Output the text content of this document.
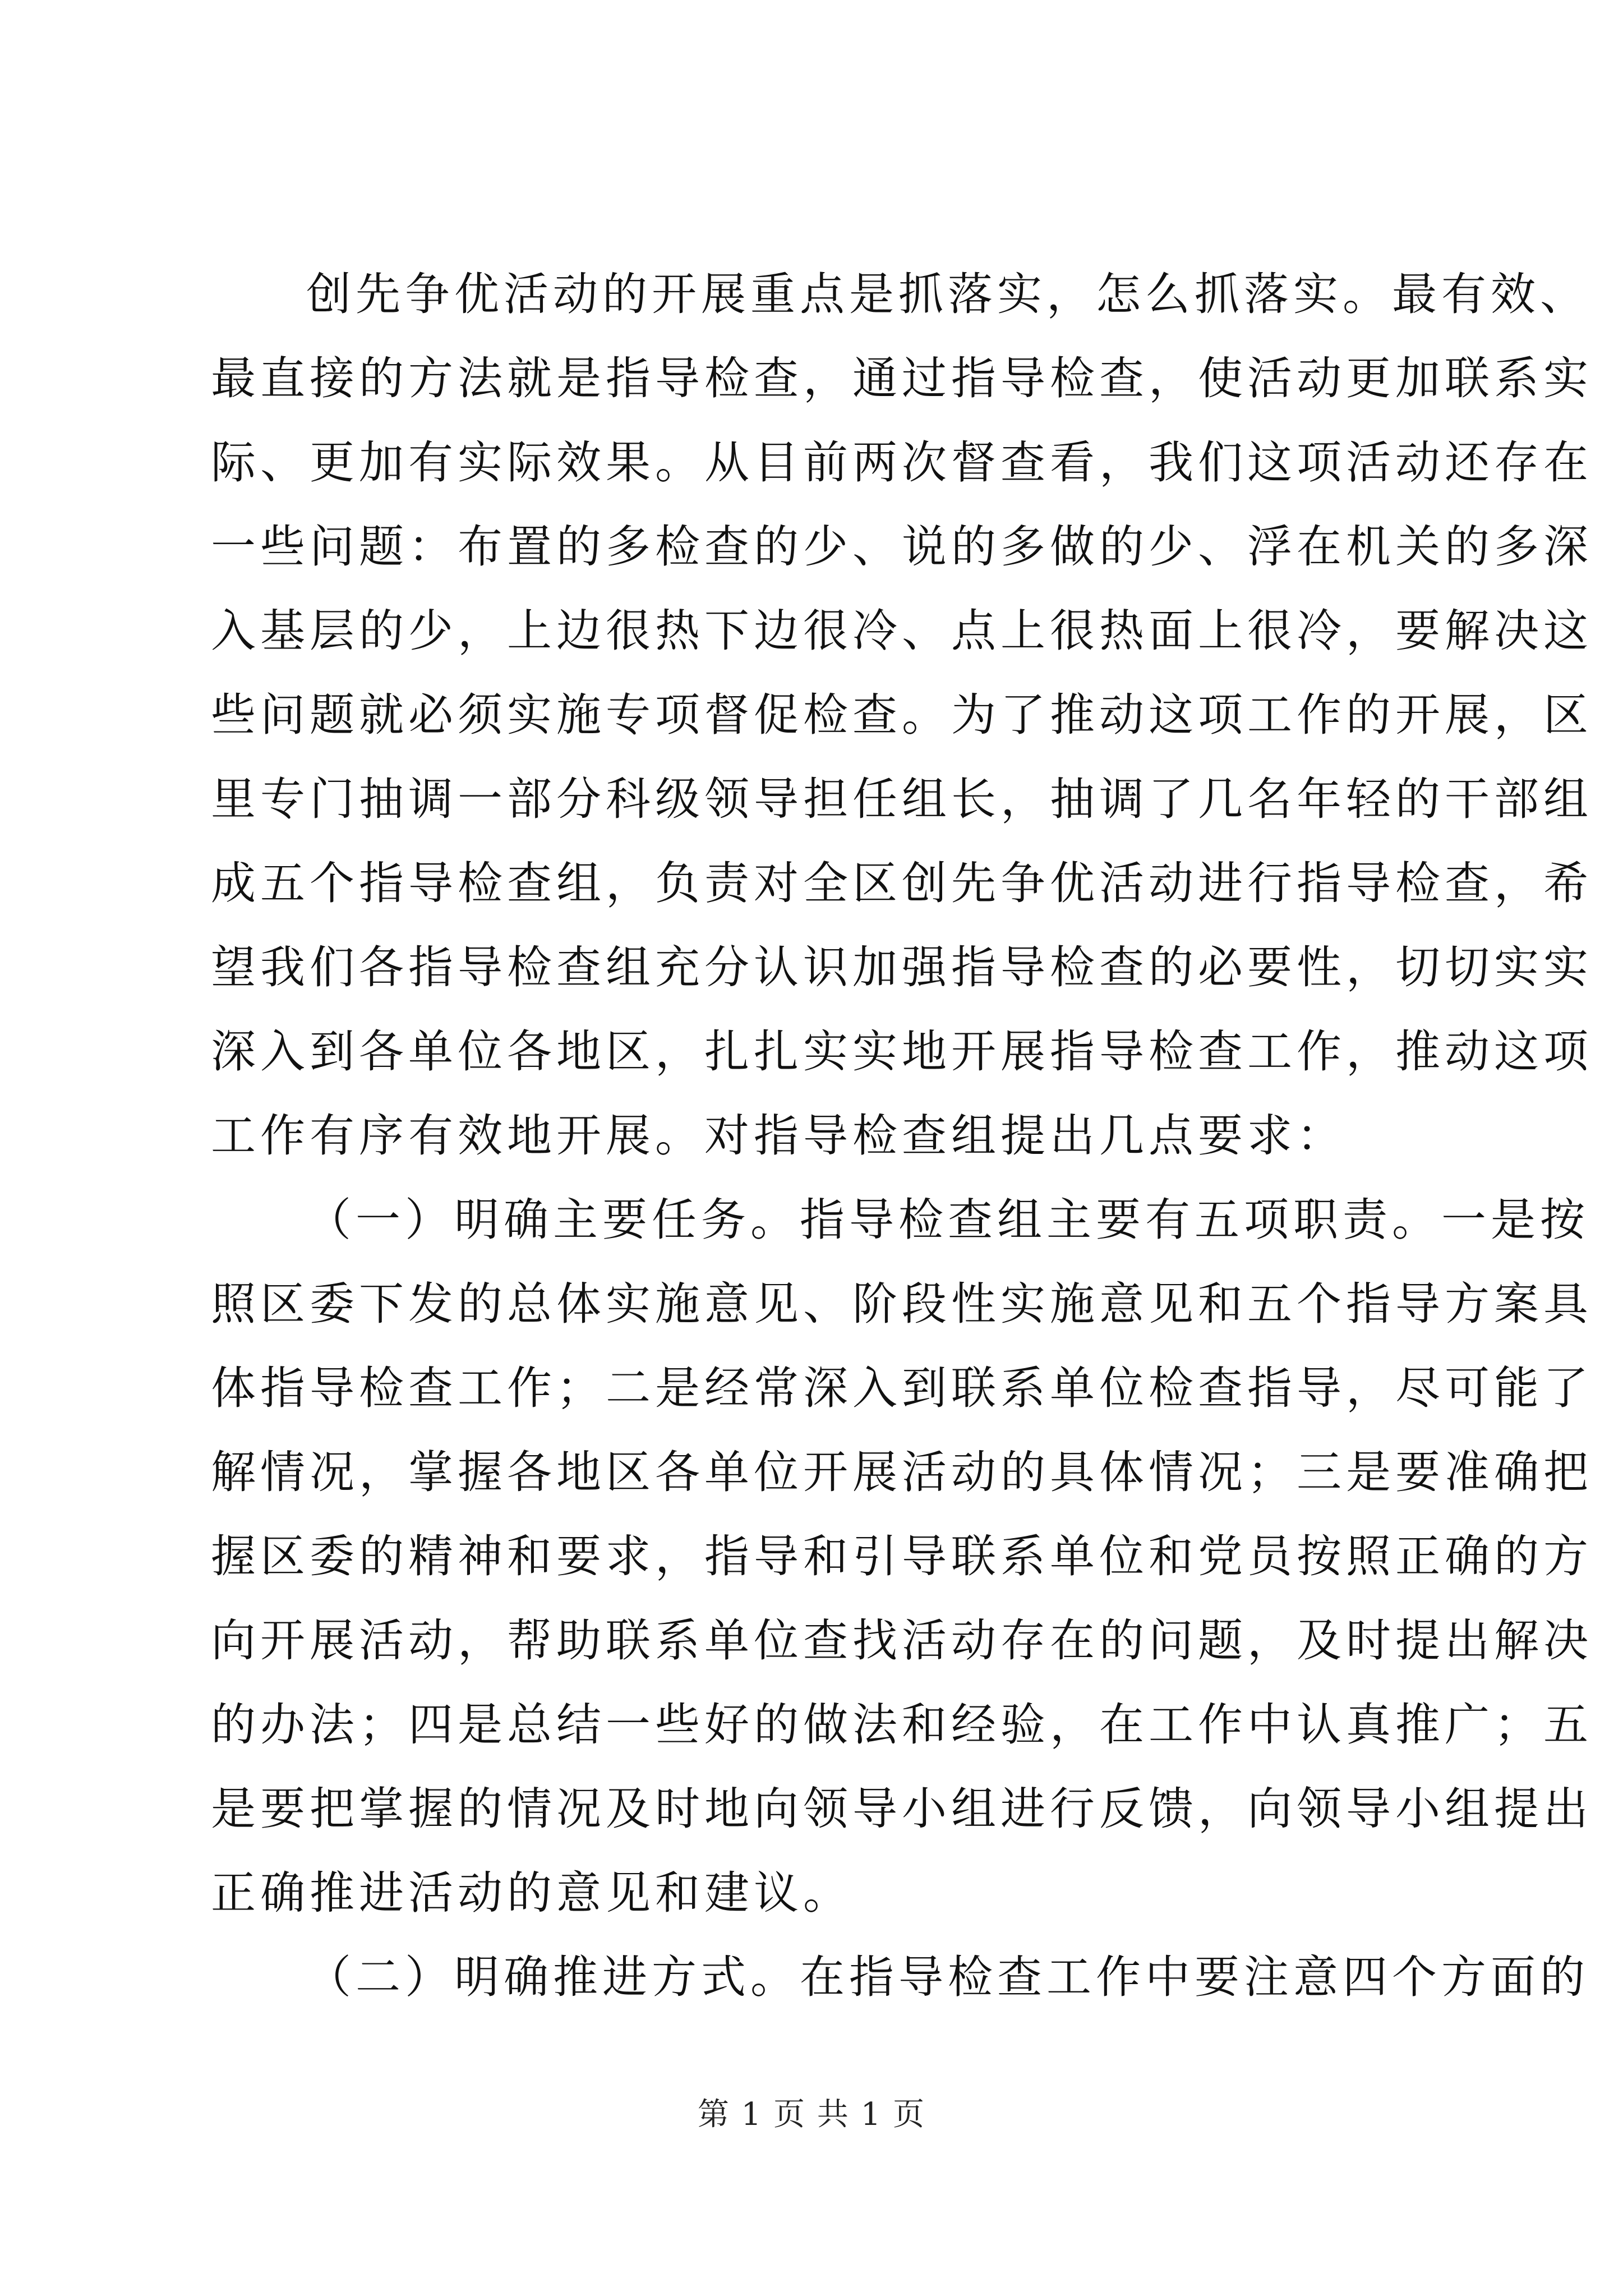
创先争优活动的开展重点是抓落实，怎么抓落实。最有效、
最直接的方法就是指导检查，通过指导检查，使活动更加联系实
际、更加有实际效果。从目前两次督查看，我们这项活动还存在
一些问题：布置的多检查的少、说的多做的少、浮在机关的多深
入基层的少，上边很热下边很冷、点上很热面上很冷，要解决这
些问题就必须实施专项督促检查。为了推动这项工作的开展，区
里专门抽调一部分科级领导担任组长，抽调了几名年轻的干部组
成五个指导检查组，负责对全区创先争优活动进行指导检查，希
望我们各指导检查组充分认识加强指导检查的必要性，切切实实
深入到各单位各地区，扎扎实实地开展指导检查工作，推动这项
工作有序有效地开展。对指导检查组提出几点要求：
（一）明确主要任务。指导检查组主要有五项职责。一是按
照区委下发的总体实施意见、阶段性实施意见和五个指导方案具
体指导检查工作；二是经常深入到联系单位检查指导，尽可能了
解情况，掌握各地区各单位开展活动的具体情况；三是要准确把
握区委的精神和要求，指导和引导联系单位和党员按照正确的方
向开展活动，帮助联系单位查找活动存在的问题，及时提出解决
的办法；四是总结一些好的做法和经验，在工作中认真推广；五
是要把掌握的情况及时地向领导小组进行反馈，向领导小组提出
正确推进活动的意见和建议。
（二）明确推进方式。在指导检查工作中要注意四个方面的
第 1 页 共 1 页
